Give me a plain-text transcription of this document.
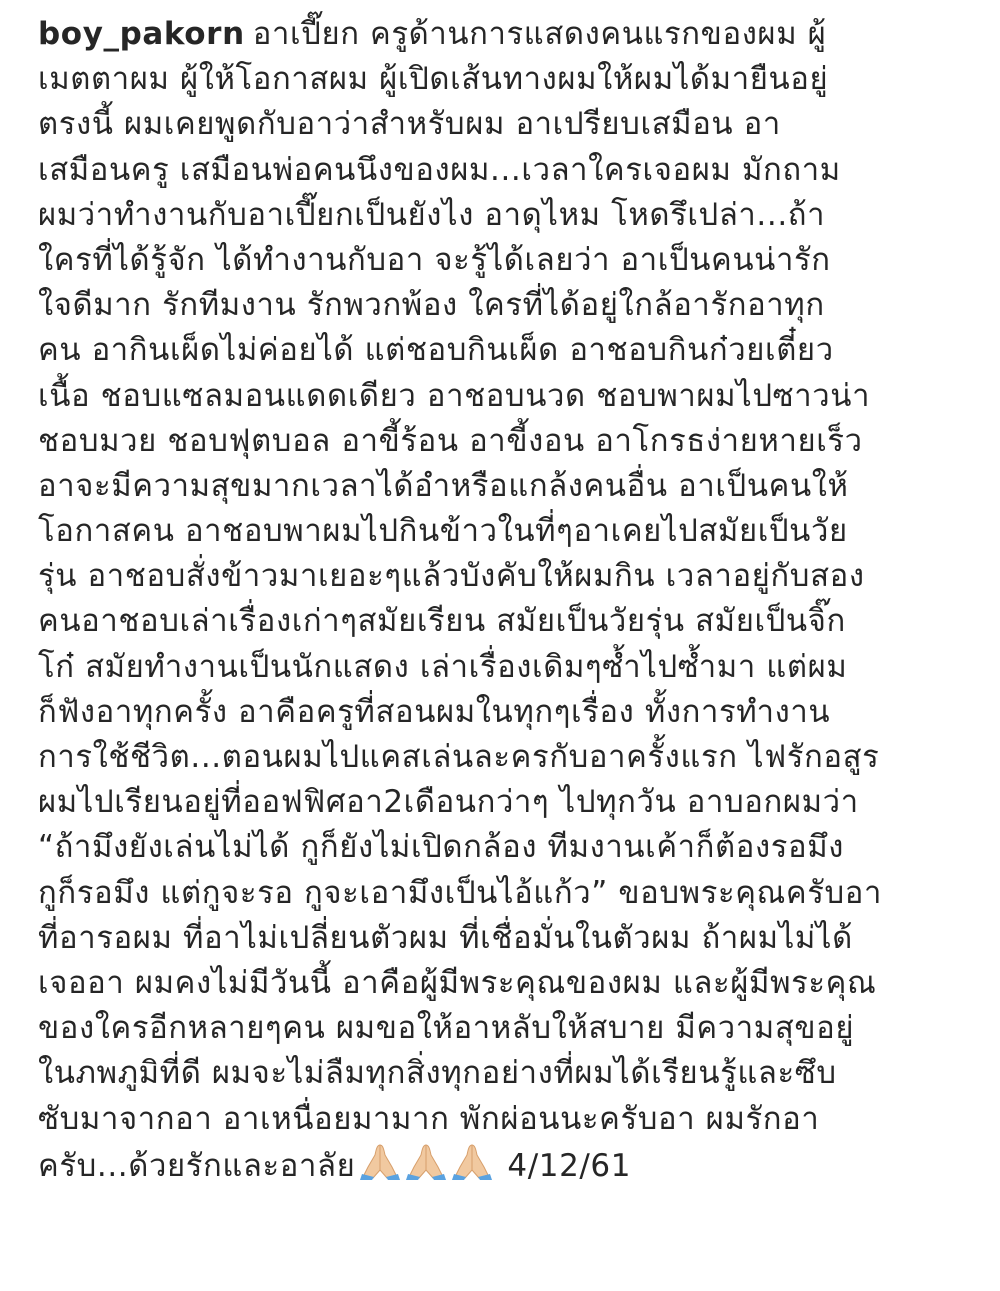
boy_pakorn อาเปี๊ยก ครูด้านการแสดงคนแรกของผม ผู้
เมตตาผม ผู้ให้โอกาสผม ผู้เปิดเส้นทางผมให้ผมได้มายืนอยู่
ตรงนี้ ผมเคยพูดกับอาว่าสำหรับผม อาเปรียบเสมือน อา
เสมือนครู เสมือนพ่อคนนึงของผม...เวลาใครเจอผม มักถาม
ผมว่าทำงานกับอาเปี๊ยกเป็นยังไง อาดุไหม โหดรึเปล่า...ถ้า
ใครที่ได้รู้จัก ได้ทำงานกับอา จะรู้ได้เลยว่า อาเป็นคนน่ารัก
ใจดีมาก รักทีมงาน รักพวกพ้อง ใครที่ได้อยู่ใกล้อารักอาทุก
คน อากินเผ็ดไม่ค่อยได้ แต่ชอบกินเผ็ด อาชอบกินก๋วยเตี๋ยว
เนื้อ ชอบแซลมอนแดดเดียว อาชอบนวด ชอบพาผมไปซาวน่า
ชอบมวย ชอบฟุตบอล อาขี้ร้อน อาขี้งอน อาโกรธง่ายหายเร็ว
อาจะมีความสุขมากเวลาได้อำหรือแกล้งคนอื่น อาเป็นคนให้
โอกาสคน อาชอบพาผมไปกินข้าวในที่ๆอาเคยไปสมัยเป็นวัย
รุ่น อาชอบสั่งข้าวมาเยอะๆแล้วบังคับให้ผมกิน เวลาอยู่กับสอง
คนอาชอบเล่าเรื่องเก่าๆสมัยเรียน สมัยเป็นวัยรุ่น สมัยเป็นจิ๊ก
โก๋ สมัยทำงานเป็นนักแสดง เล่าเรื่องเดิมๆซ้ำไปซ้ำมา แต่ผม
ก็ฟังอาทุกครั้ง อาคือครูที่สอนผมในทุกๆเรื่อง ทั้งการทำงาน
การใช้ชีวิต...ตอนผมไปแคสเล่นละครกับอาครั้งแรก ไฟรักอสูร
ผมไปเรียนอยู่ที่ออฟฟิศอา2เดือนกว่าๆ ไปทุกวัน อาบอกผมว่า
“ถ้ามึงยังเล่นไม่ได้ กูก็ยังไม่เปิดกล้อง ทีมงานเค้าก็ต้องรอมึง
กูก็รอมึง แต่กูจะรอ กูจะเอามึงเป็นไอ้แก้ว” ขอบพระคุณครับอา
ที่อารอผม ที่อาไม่เปลี่ยนตัวผม ที่เชื่อมั่นในตัวผม ถ้าผมไม่ได้
เจออา ผมคงไม่มีวันนี้ อาคือผู้มีพระคุณของผม และผู้มีพระคุณ
ของใครอีกหลายๆคน ผมขอให้อาหลับให้สบาย มีความสุขอยู่
ในภพภูมิที่ดี ผมจะไม่ลืมทุกสิ่งทุกอย่างที่ผมได้เรียนรู้และซึบ
ซับมาจากอา อาเหนื่อยมามาก พักผ่อนนะครับอา ผมรักอา
ครับ...ด้วยรักและอาลัย	4/12/61
